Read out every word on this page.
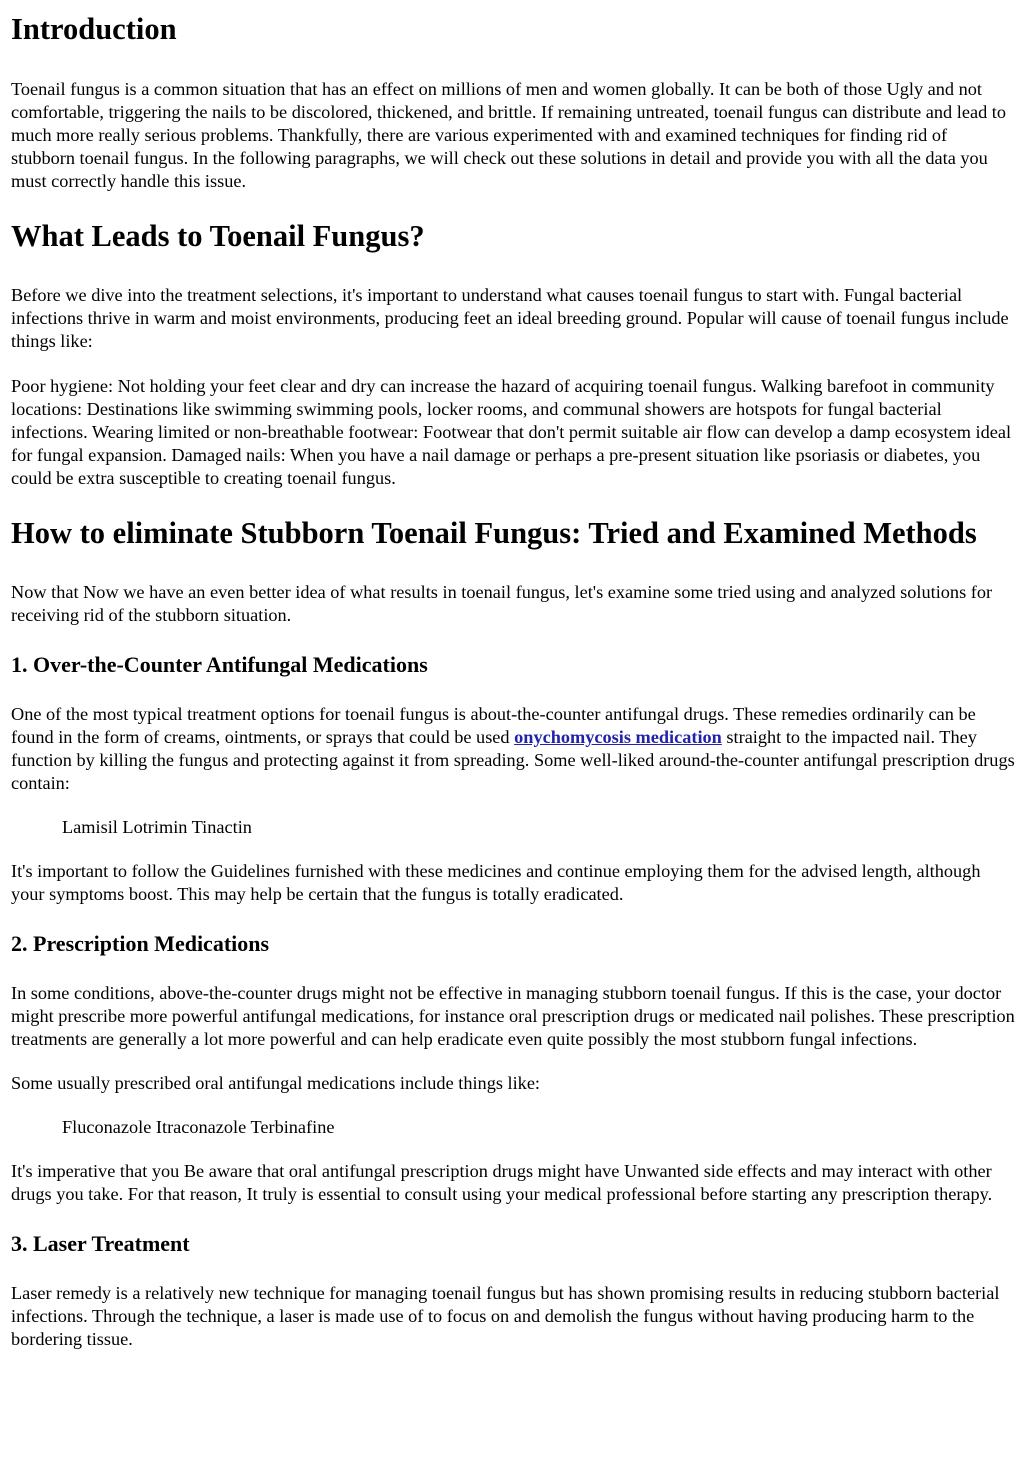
Introduction

Toenail fungus is a common situation that has an effect on millions of men and women globally. It can be both of those Ugly and not comfortable, triggering the nails to be discolored, thickened, and brittle. If remaining untreated, toenail fungus can distribute and lead to much more really serious problems. Thankfully, there are various experimented with and examined techniques for finding rid of stubborn toenail fungus. In the following paragraphs, we will check out these solutions in detail and provide you with all the data you must correctly handle this issue.

What Leads to Toenail Fungus?

Before we dive into the treatment selections, it's important to understand what causes toenail fungus to start with. Fungal bacterial infections thrive in warm and moist environments, producing feet an ideal breeding ground. Popular will cause of toenail fungus include things like:

Poor hygiene: Not holding your feet clear and dry can increase the hazard of acquiring toenail fungus. Walking barefoot in community locations: Destinations like swimming swimming pools, locker rooms, and communal showers are hotspots for fungal bacterial infections. Wearing limited or non-breathable footwear: Footwear that don't permit suitable air flow can develop a damp ecosystem ideal for fungal expansion. Damaged nails: When you have a nail damage or perhaps a pre-present situation like psoriasis or diabetes, you could be extra susceptible to creating toenail fungus.

How to eliminate Stubborn Toenail Fungus: Tried and Examined Methods

Now that Now we have an even better idea of what results in toenail fungus, let's examine some tried using and analyzed solutions for receiving rid of the stubborn situation.

1. Over-the-Counter Antifungal Medications

One of the most typical treatment options for toenail fungus is about-the-counter antifungal drugs. These remedies ordinarily can be found in the form of creams, ointments, or sprays that could be used onychomycosis medication straight to the impacted nail. They function by killing the fungus and protecting against it from spreading. Some well-liked around-the-counter antifungal prescription drugs contain:

Lamisil Lotrimin Tinactin

It's important to follow the Guidelines furnished with these medicines and continue employing them for the advised length, although your symptoms boost. This may help be certain that the fungus is totally eradicated.

2. Prescription Medications

In some conditions, above-the-counter drugs might not be effective in managing stubborn toenail fungus. If this is the case, your doctor might prescribe more powerful antifungal medications, for instance oral prescription drugs or medicated nail polishes. These prescription treatments are generally a lot more powerful and can help eradicate even quite possibly the most stubborn fungal infections.

Some usually prescribed oral antifungal medications include things like:

Fluconazole Itraconazole Terbinafine

It's imperative that you Be aware that oral antifungal prescription drugs might have Unwanted side effects and may interact with other drugs you take. For that reason, It truly is essential to consult using your medical professional before starting any prescription therapy.

3. Laser Treatment

Laser remedy is a relatively new technique for managing toenail fungus but has shown promising results in reducing stubborn bacterial infections. Through the technique, a laser is made use of to focus on and demolish the fungus without having producing harm to the bordering tissue.
